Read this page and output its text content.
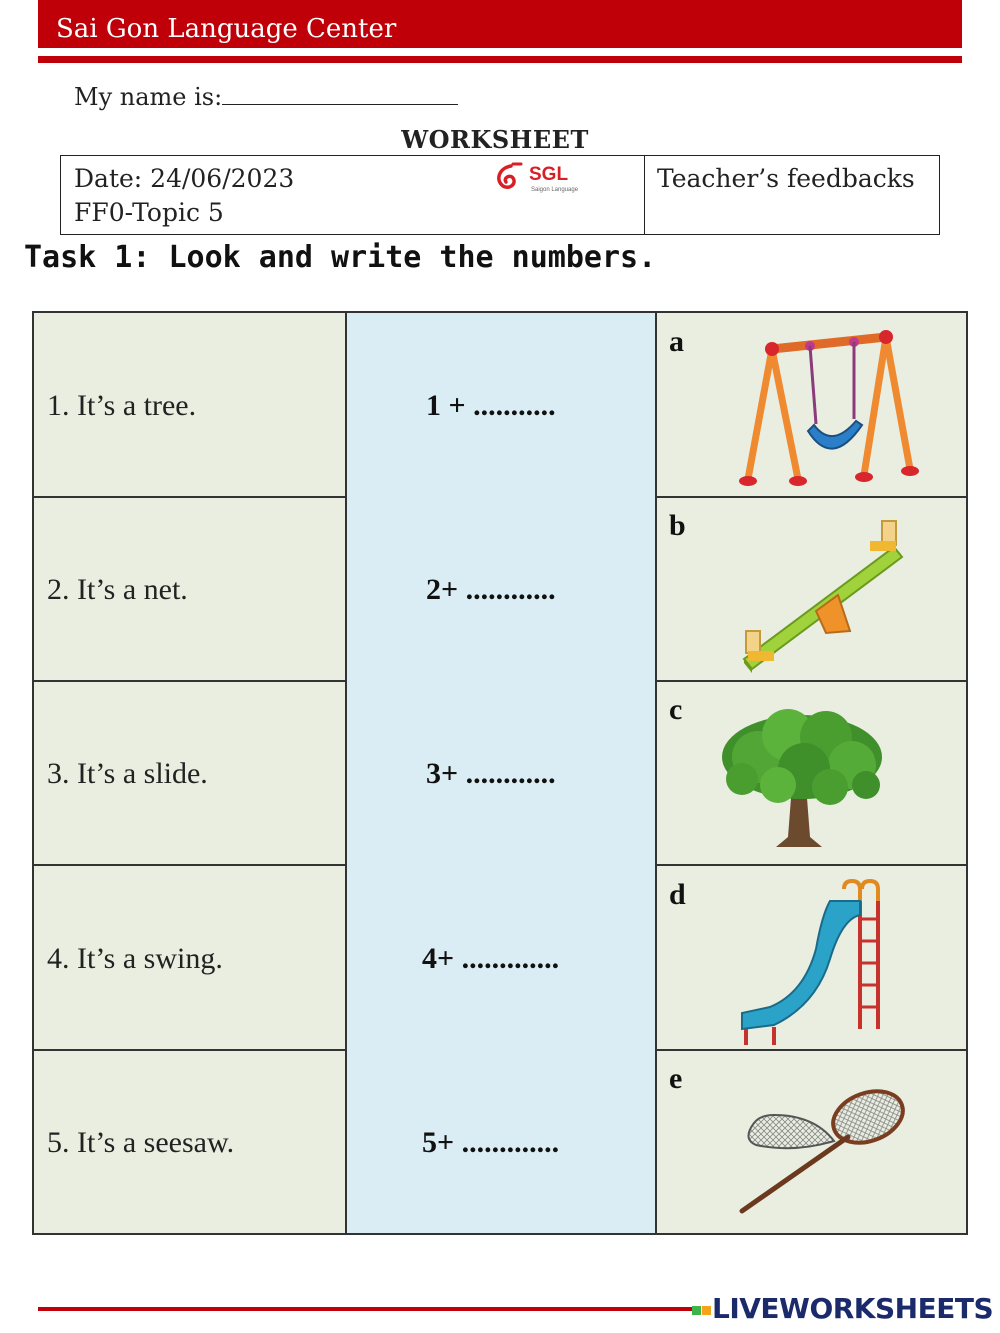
Sai Gon Language Center
My name is:
WORKSHEET
Date: 24/06/2023
FF0-Topic 5
SGL
Saigon Language	Teacher’s feedbacks
Task 1: Look and write the numbers.
1. It’s a tree.
2. It’s a net.
3. It’s a slide.
4. It’s a swing.
5. It’s a seesaw.
1 + ...........
2+ ............
3+ ............
4+ .............
5+ .............
a
b
c
d
e
LIVEWORKSHEETS
